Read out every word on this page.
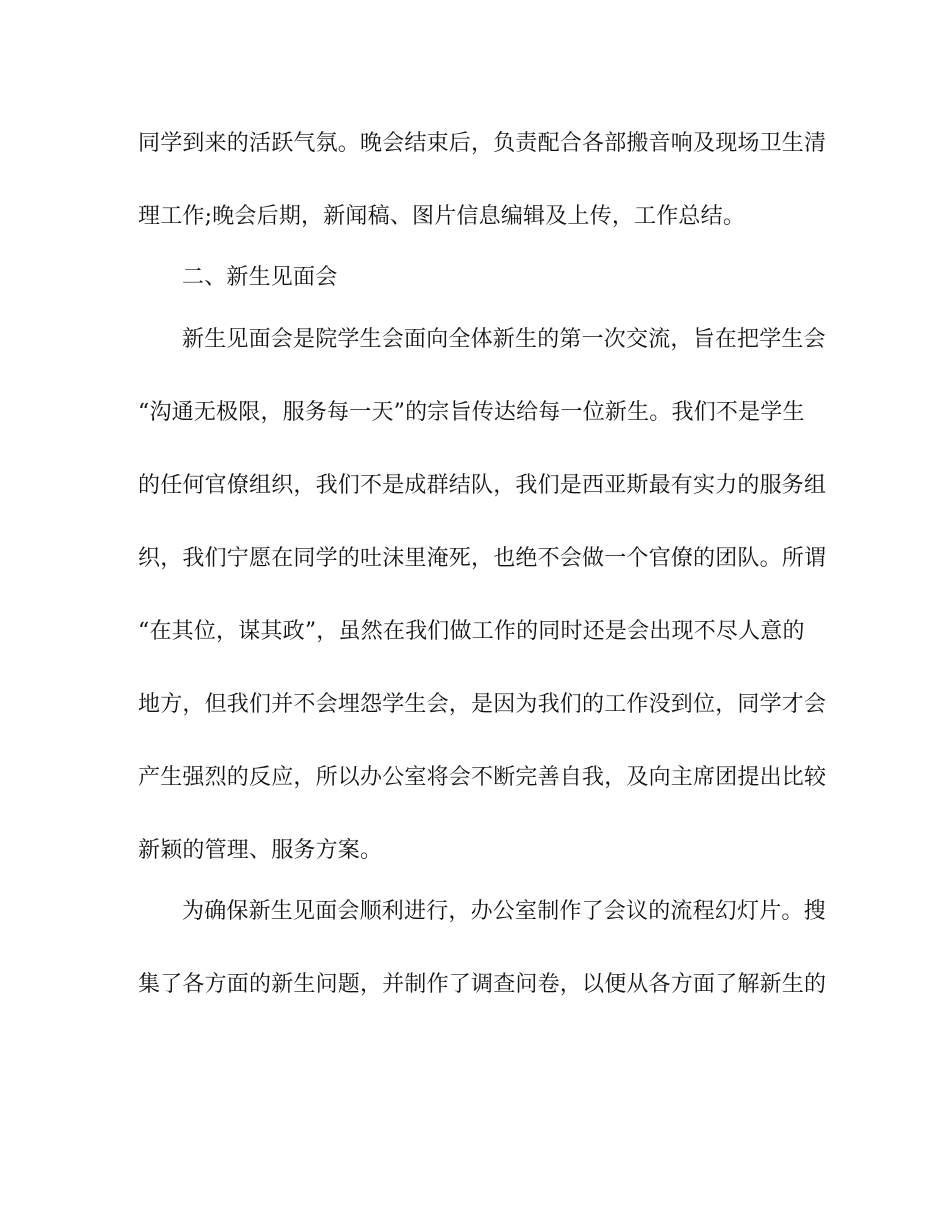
同学到来的活跃气氛。晚会结束后，负责配合各部搬音响及现场卫生清
理工作;晚会后期，新闻稿、图片信息编辑及上传，工作总结。
二、新生见面会
新生见面会是院学生会面向全体新生的第一次交流，旨在把学生会
“沟通无极限，服务每一天”的宗旨传达给每一位新生。我们不是学生
的任何官僚组织，我们不是成群结队，我们是西亚斯最有实力的服务组
织，我们宁愿在同学的吐沫里淹死，也绝不会做一个官僚的团队。所谓
“在其位，谋其政”，虽然在我们做工作的同时还是会出现不尽人意的
地方，但我们并不会埋怨学生会，是因为我们的工作没到位，同学才会
产生强烈的反应，所以办公室将会不断完善自我，及向主席团提出比较
新颖的管理、服务方案。
为确保新生见面会顺利进行，办公室制作了会议的流程幻灯片。搜
集了各方面的新生问题，并制作了调查问卷，以便从各方面了解新生的
